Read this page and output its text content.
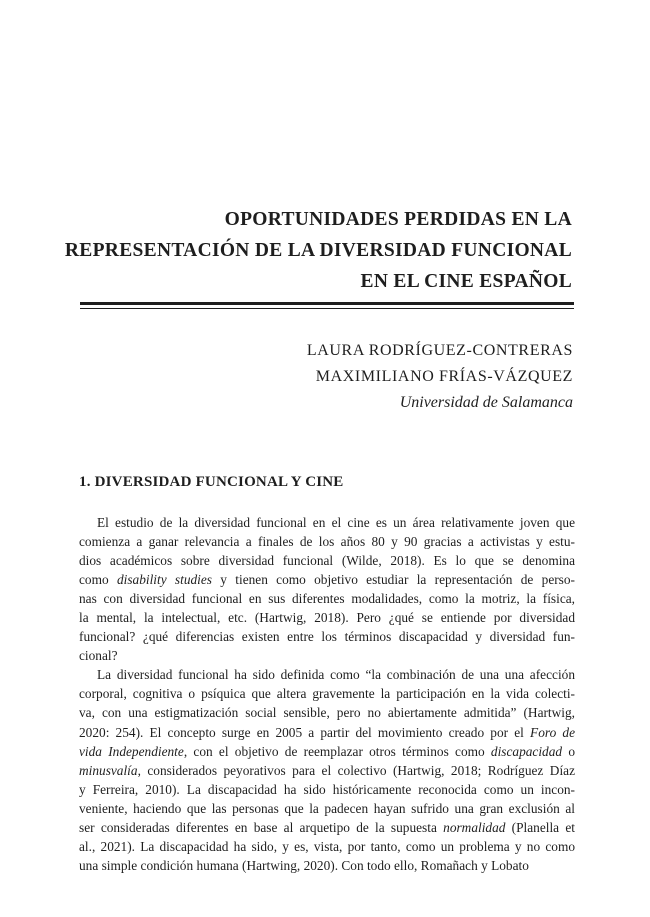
OPORTUNIDADES PERDIDAS EN LA
REPRESENTACIÓN DE LA DIVERSIDAD FUNCIONAL
EN EL CINE ESPAÑOL
LAURA RODRÍGUEZ-CONTRERAS
MAXIMILIANO FRÍAS-VÁZQUEZ
Universidad de Salamanca
1. DIVERSIDAD FUNCIONAL Y CINE
El estudio de la diversidad funcional en el cine es un área relativamente joven que
comienza a ganar relevancia a finales de los años 80 y 90 gracias a activistas y estu-
dios académicos sobre diversidad funcional (Wilde, 2018). Es lo que se denomina
como disability studies y tienen como objetivo estudiar la representación de perso-
nas con diversidad funcional en sus diferentes modalidades, como la motriz, la física,
la mental, la intelectual, etc. (Hartwig, 2018). Pero ¿qué se entiende por diversidad
funcional? ¿qué diferencias existen entre los términos discapacidad y diversidad fun-
cional?
La diversidad funcional ha sido definida como “la combinación de una una afección
corporal, cognitiva o psíquica que altera gravemente la participación en la vida colecti-
va, con una estigmatización social sensible, pero no abiertamente admitida” (Hartwig,
2020: 254). El concepto surge en 2005 a partir del movimiento creado por el Foro de
vida Independiente, con el objetivo de reemplazar otros términos como discapacidad o
minusvalía, considerados peyorativos para el colectivo (Hartwig, 2018; Rodríguez Díaz
y Ferreira, 2010). La discapacidad ha sido históricamente reconocida como un incon-
veniente, haciendo que las personas que la padecen hayan sufrido una gran exclusión al
ser consideradas diferentes en base al arquetipo de la supuesta normalidad (Planella et
al., 2021). La discapacidad ha sido, y es, vista, por tanto, como un problema y no como
una simple condición humana (Hartwing, 2020). Con todo ello, Romañach y Lobato
